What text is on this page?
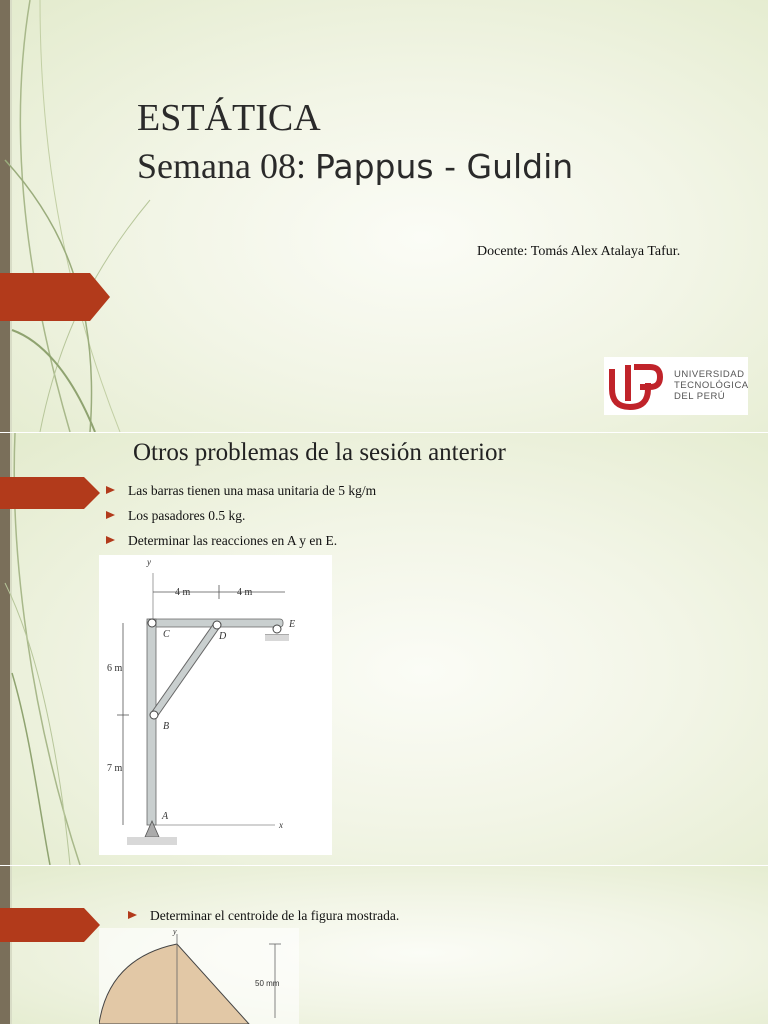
ESTÁTICA
Semana 08: Pappus - Guldin
Docente: Tomás Alex Atalaya Tafur.
UNIVERSIDAD
TECNOLÓGICA
DEL PERÚ
Otros problemas de la sesión anterior
Las barras tienen una masa unitaria de 5 kg/m
Los pasadores 0.5 kg.
Determinar las reacciones en A y en E.
y
x
4 m	4 m
6 m
7 m
C	D
E
B
A
Determinar el centroide de la figura mostrada.
y
50 mm
